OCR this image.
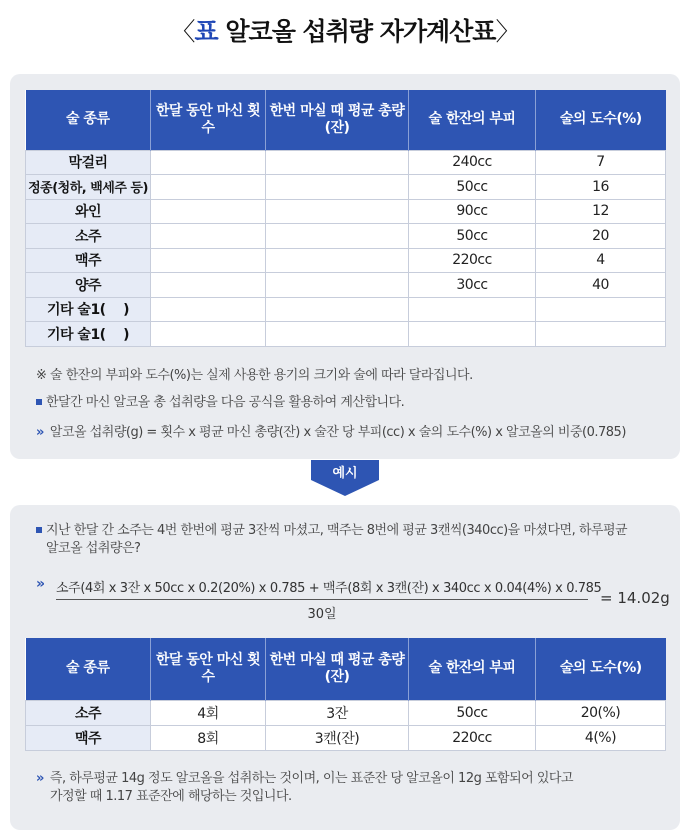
〈표 알코올 섭취량 자가계산표〉
술 종류	한달 동안 마신 횟수	한번 마실 때 평균 총량(잔)	술 한잔의 부피	술의 도수(%)
막걸리			240cc	7
정종(청하, 백세주 등)			50cc	16
와인			90cc	12
소주			50cc	20
맥주			220cc	4
양주			30cc	40
기타 술1(    )				
기타 술1(    )				
※ 술 한잔의 부피와 도수(%)는 실제 사용한 용기의 크기와 술에 따라 달라집니다.
한달간 마신 알코올 총 섭취량을 다음 공식을 활용하여 계산합니다.
» 알코올 섭취량(g) = 횟수 x 평균 마신 총량(잔) x 술잔 당 부피(cc) x 술의 도수(%) x 알코올의 비중(0.785)
예시
지난 한달 간 소주는 4번 한번에 평균 3잔씩 마셨고, 맥주는 8번에 평균 3캔씩(340cc)을 마셨다면, 하루평균
알코올 섭취량은?
» 소주(4회 x 3잔 x 50cc x 0.2(20%) x 0.785 + 맥주(8회 x 3캔(잔) x 340cc x 0.04(4%) x 0.785
30일
= 14.02g
술 종류	한달 동안 마신 횟수	한번 마실 때 평균 총량(잔)	술 한잔의 부피	술의 도수(%)
소주	4회	3잔	50cc	20(%)
맥주	8회	3캔(잔)	220cc	4(%)
» 즉, 하루평균 14g 정도 알코올을 섭취하는 것이며, 이는 표준잔 당 알코올이 12g 포함되어 있다고
가정할 때 1.17 표준잔에 해당하는 것입니다.
